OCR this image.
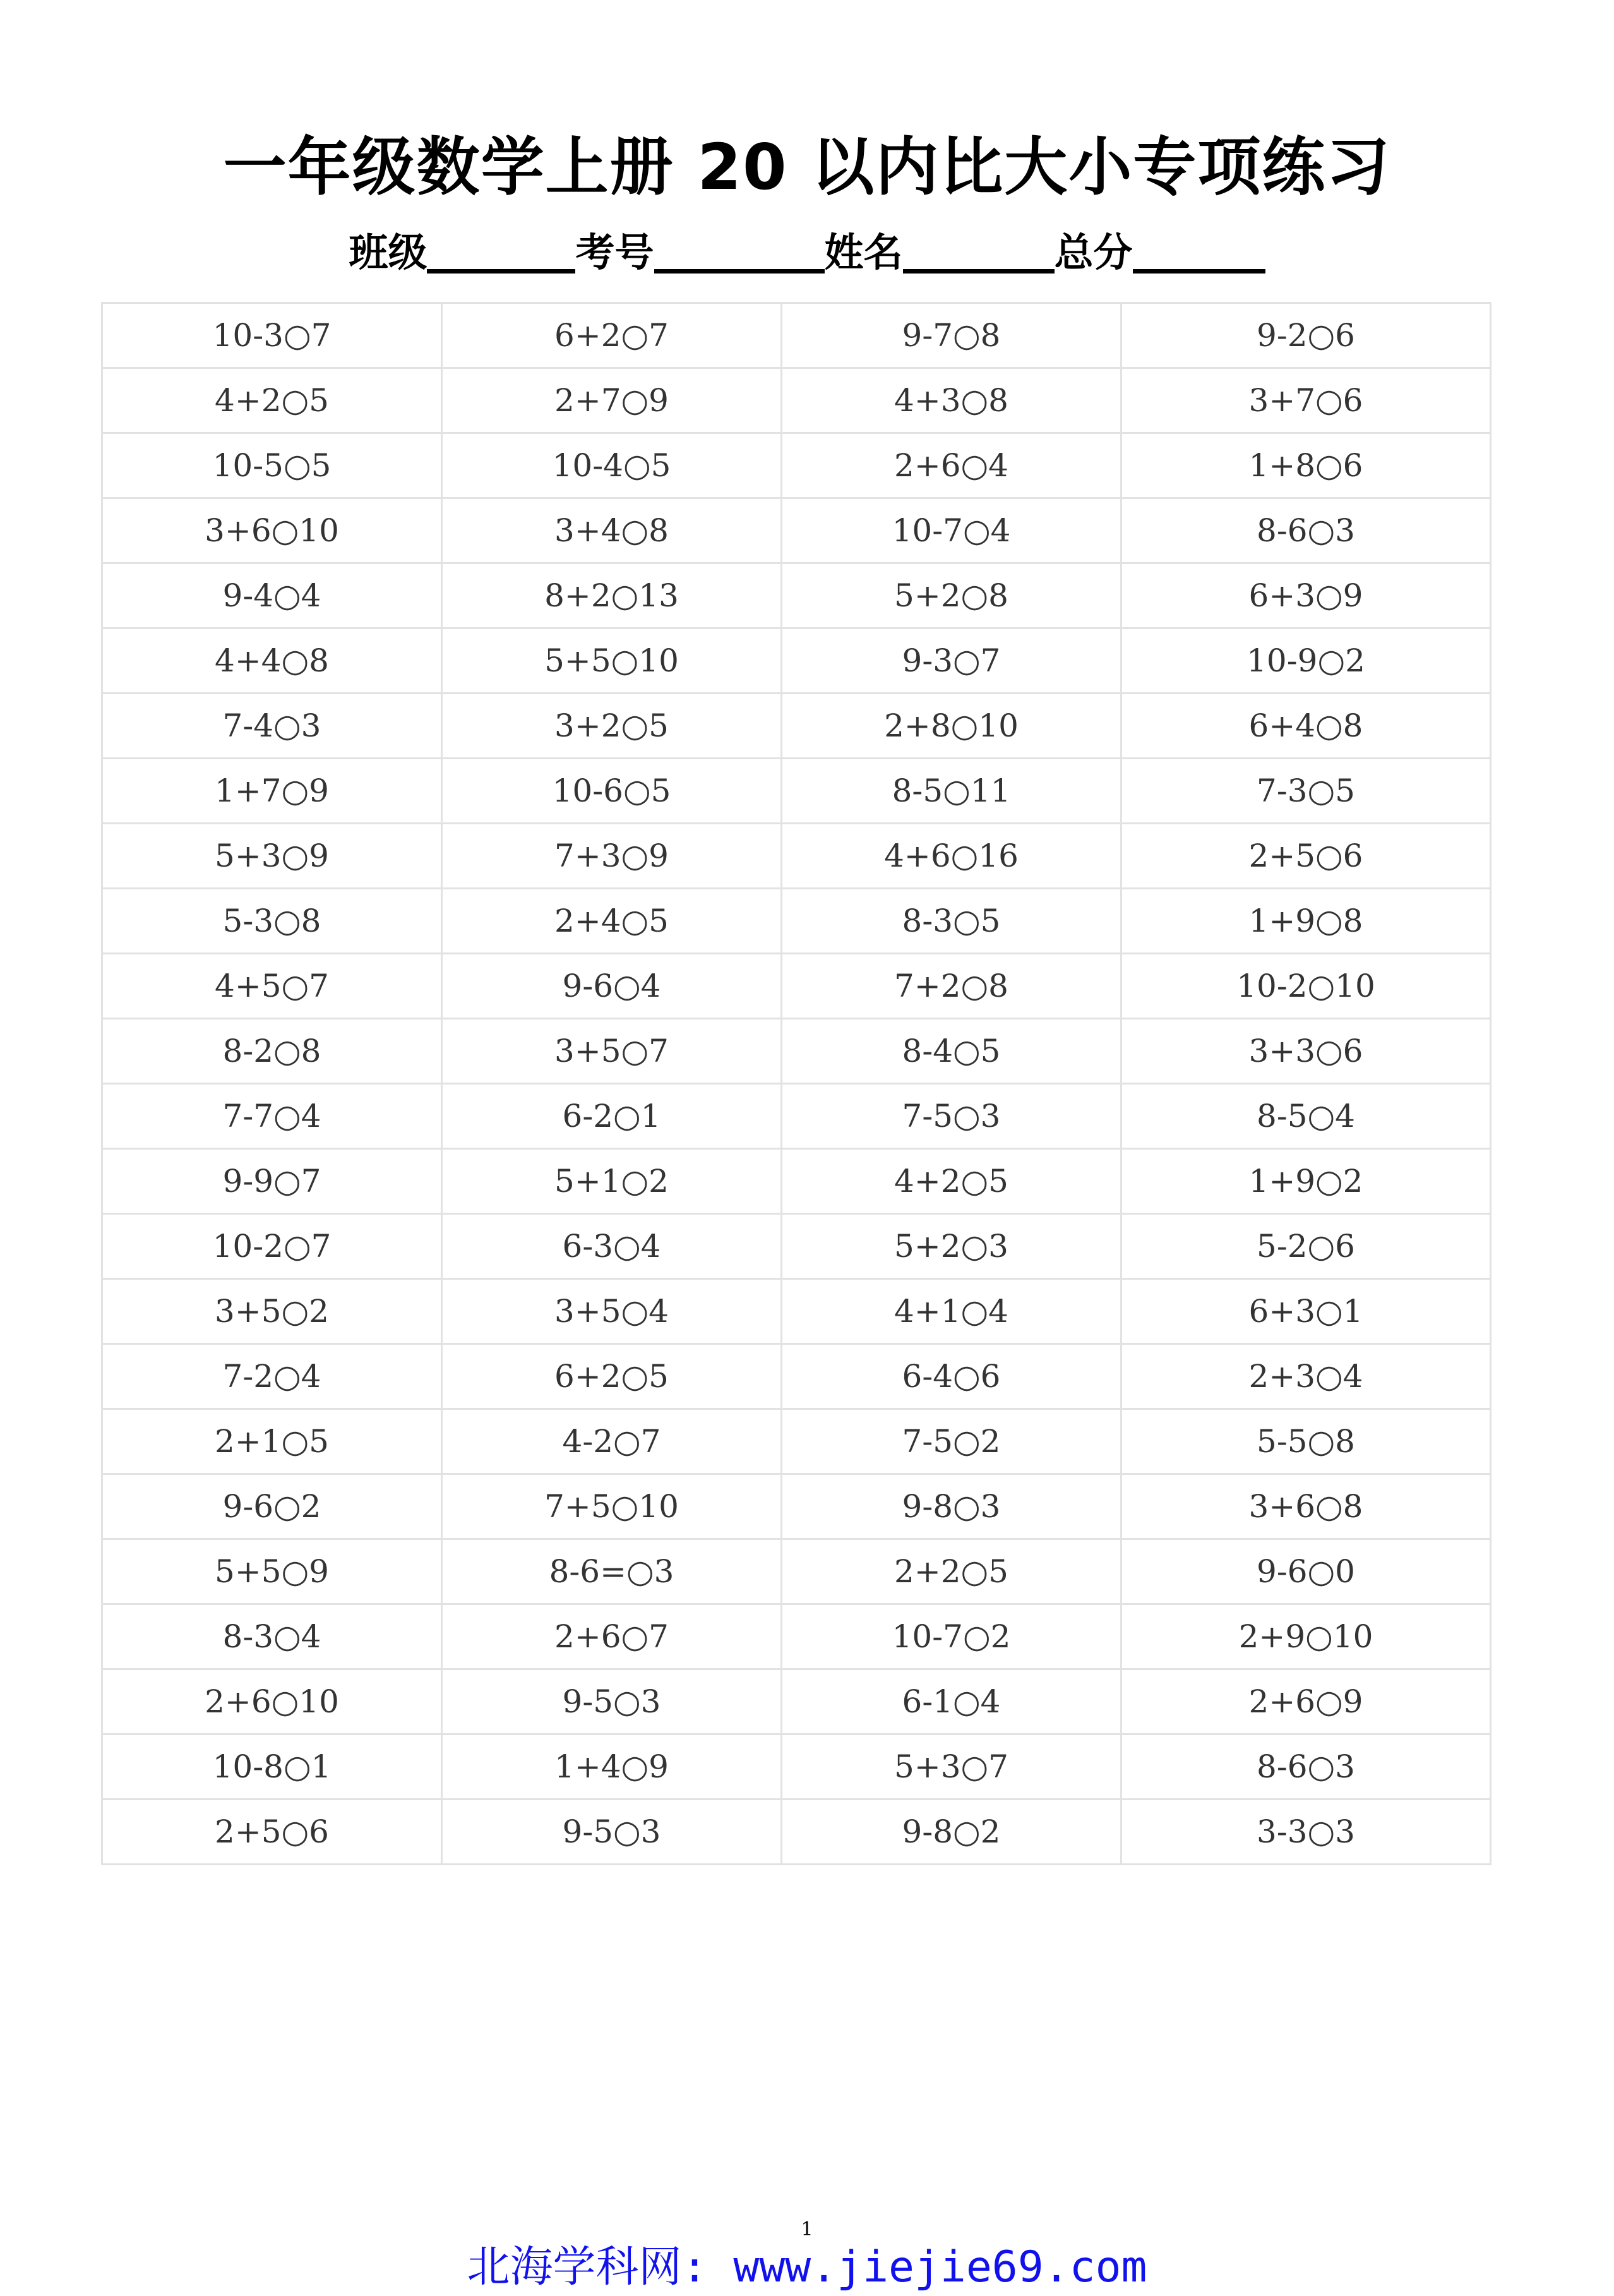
一年级数学上册 20 以内比大小专项练习
班级	考号	姓名	总分
10-3○7	6+2○7	9-7○8	9-2○6
4+2○5	2+7○9	4+3○8	3+7○6
10-5○5	10-4○5	2+6○4	1+8○6
3+6○10	3+4○8	10-7○4	8-6○3
9-4○4	8+2○13	5+2○8	6+3○9
4+4○8	5+5○10	9-3○7	10-9○2
7-4○3	3+2○5	2+8○10	6+4○8
1+7○9	10-6○5	8-5○11	7-3○5
5+3○9	7+3○9	4+6○16	2+5○6
5-3○8	2+4○5	8-3○5	1+9○8
4+5○7	9-6○4	7+2○8	10-2○10
8-2○8	3+5○7	8-4○5	3+3○6
7-7○4	6-2○1	7-5○3	8-5○4
9-9○7	5+1○2	4+2○5	1+9○2
10-2○7	6-3○4	5+2○3	5-2○6
3+5○2	3+5○4	4+1○4	6+3○1
7-2○4	6+2○5	6-4○6	2+3○4
2+1○5	4-2○7	7-5○2	5-5○8
9-6○2	7+5○10	9-8○3	3+6○8
5+5○9	8-6=○3	2+2○5	9-6○0
8-3○4	2+6○7	10-7○2	2+9○10
2+6○10	9-5○3	6-1○4	2+6○9
10-8○1	1+4○9	5+3○7	8-6○3
2+5○6	9-5○3	9-8○2	3-3○3
1
北海学科网: www.jiejie69.com
